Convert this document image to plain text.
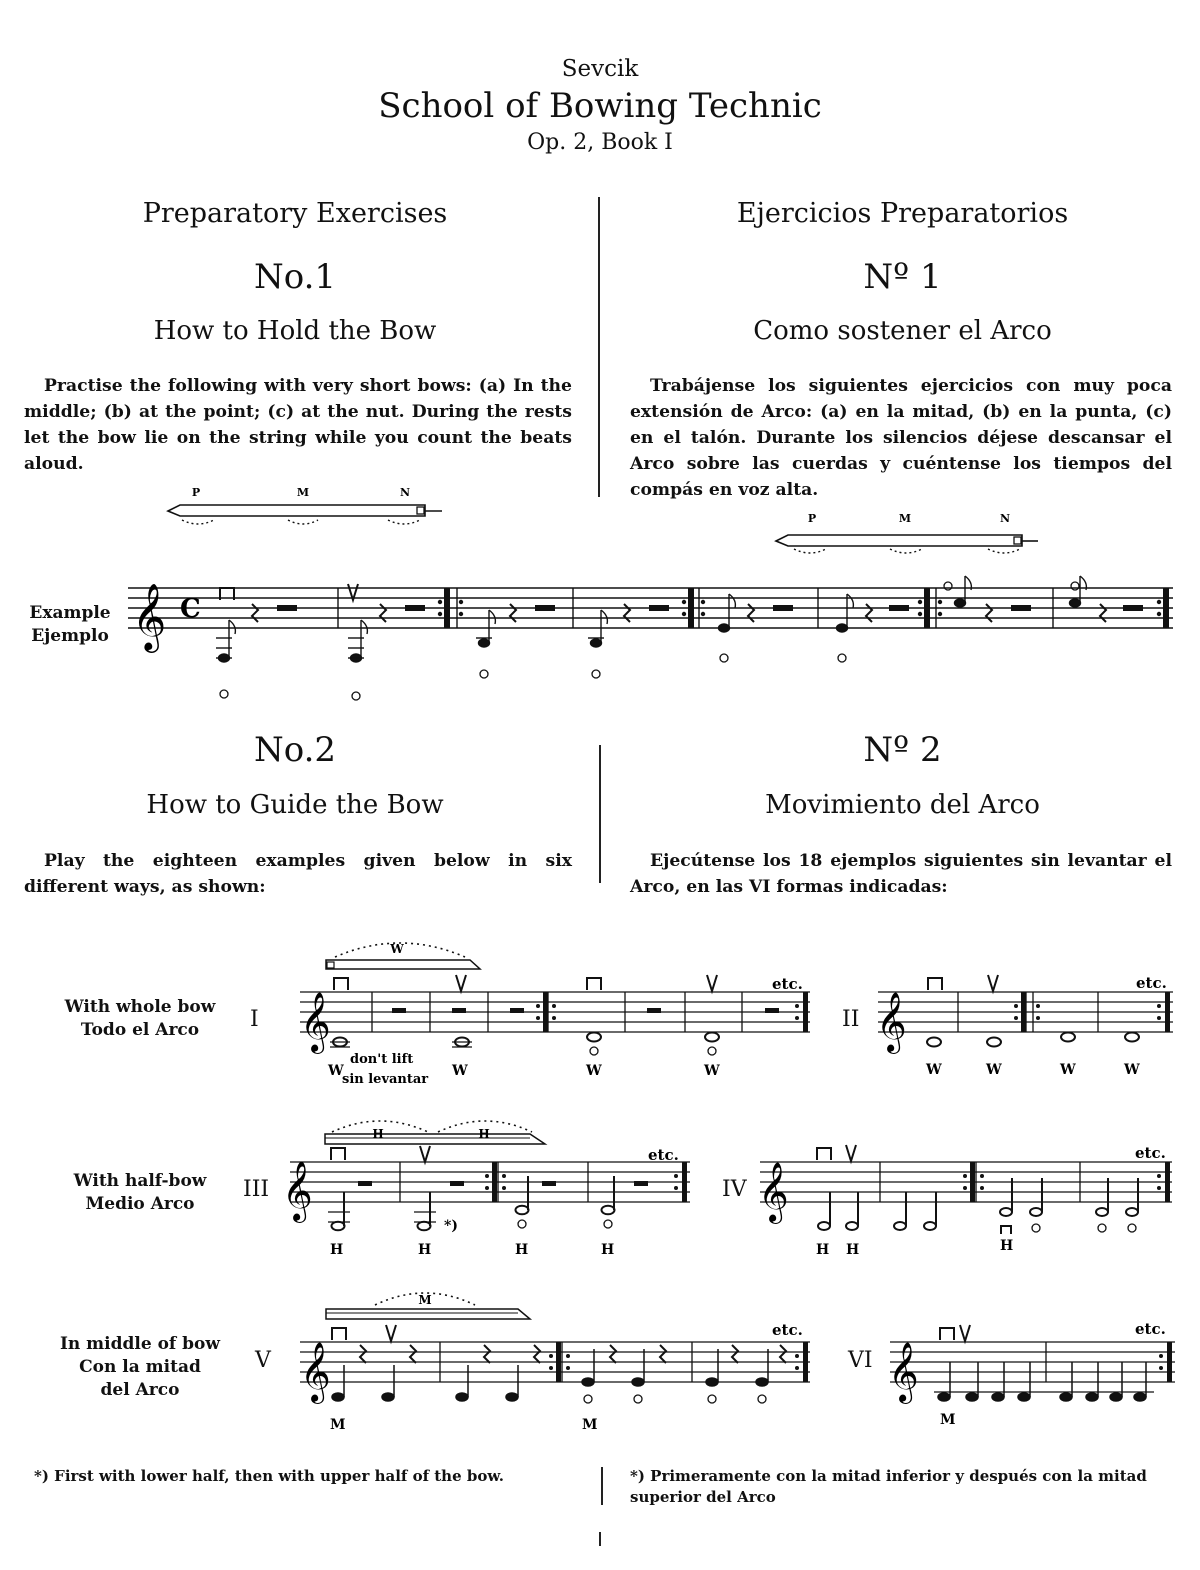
Sevcik
School of Bowing Technic
Op. 2, Book I
Preparatory Exercises
No.1
How to Hold the Bow
Practise the following with very short bows: (a) In the middle; (b) at the point; (c) at the nut. During the rests let the bow lie on the string while you count the beats aloud.
Ejercicios Preparatorios
Nº 1
Como sostener el Arco
Trabájense los siguientes ejercicios con muy poca extensión de Arco: (a) en la mitad, (b) en la punta, (c) en el talón. Durante los silencios déjese descansar el Arco sobre las cuerdas y cuéntense los tiempos del compás en voz alta.
P	M	N
P	M	N
Example
Ejemplo 𝄞 C
No.2
How to Guide the Bow
Play the eighteen examples given below in six different ways, as shown:
Nº 2
Movimiento del Arco
Ejecútense los 18 ejemplos siguientes sin levantar el Arco, en las VI formas indicadas:
With whole bow
Todo el Arco
With half-bow
Medio Arco
In middle of bow
Con la mitad
del Arco
I	II
III	IV
V	VI
W
𝄞
etc.
W	W	W	W
don't lift
sin levantar
𝄞
etc.
W	W	W	W
H	H
𝄞
etc.
*)
H	H	H	H
𝄞
etc.
H H	H
M
𝄞
etc.
M	M
𝄞
etc.
M
*) First with lower half, then with upper half of the bow.	*) Primeramente con la mitad inferior y después con la mitad superior del Arco
